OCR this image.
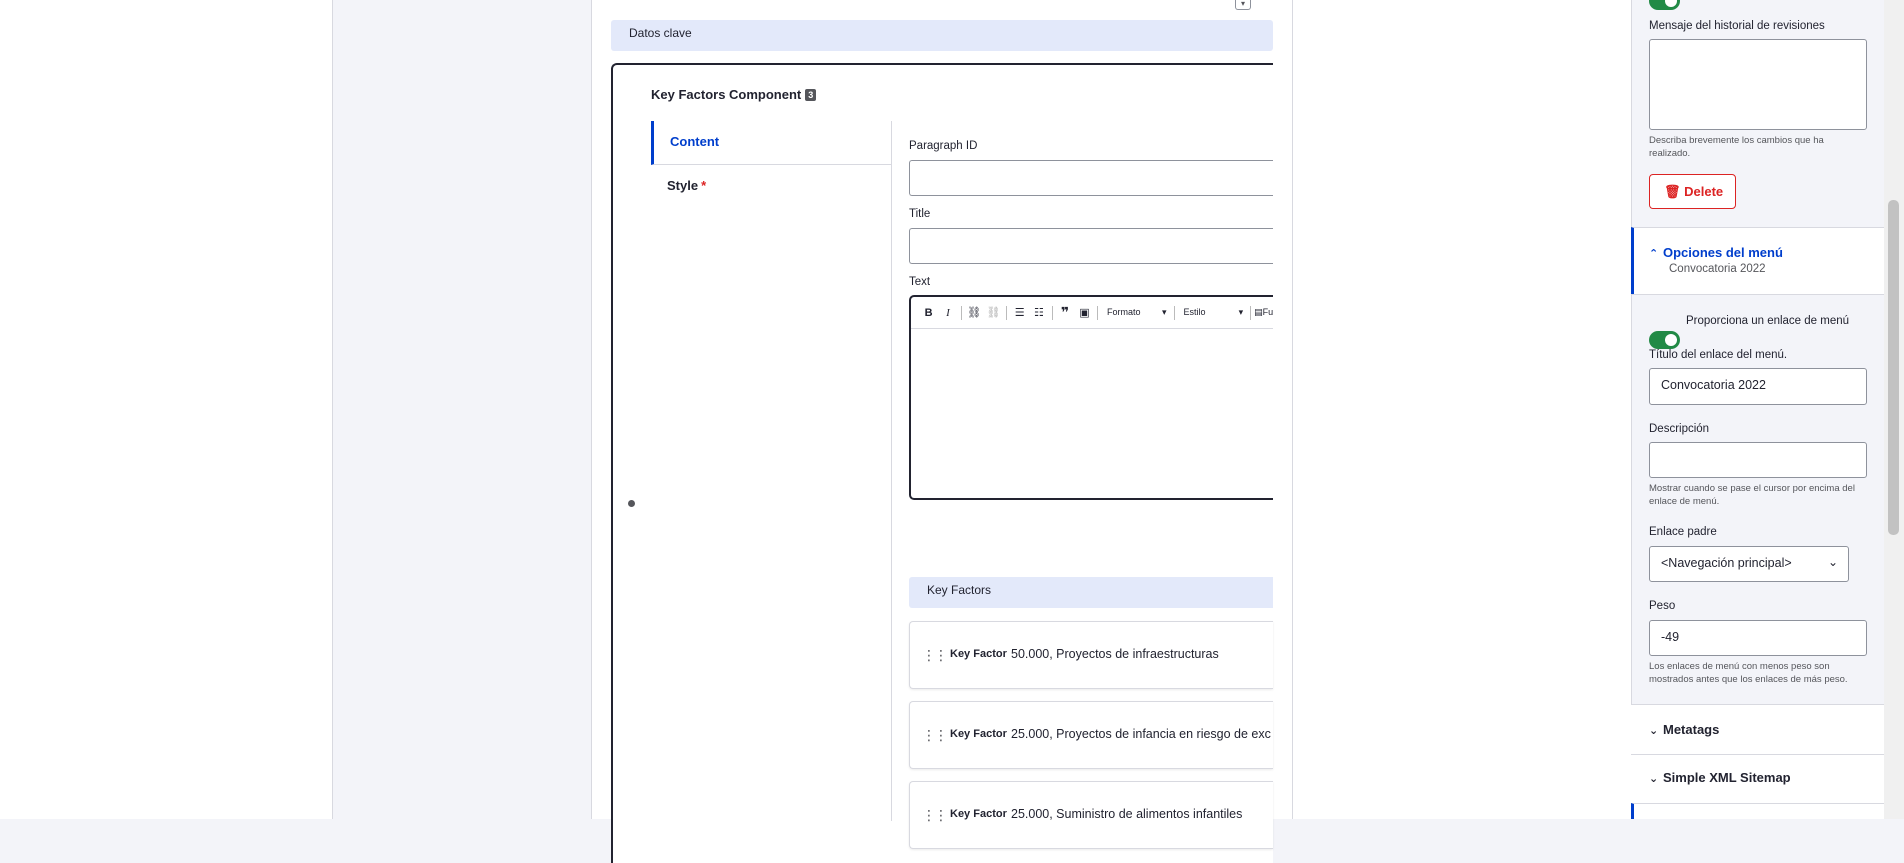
▾
Datos clave
Key Factors Component 3
Content
Style *
Paragraph ID
Title
Text
B	I	⛓ ⛓	☰ ☷	❞ ▣	Formato ▾	Estilo	▾	▤Fu
Key Factors
⋮⋮ Key Factor 50.000, Proyectos de infraestructuras
⋮⋮ Key Factor 25.000, Proyectos de infancia en riesgo de exc
⋮⋮ Key Factor 25.000, Suministro de alimentos infantiles
Mensaje del historial de revisiones
Describa brevemente los cambios que ha realizado.
🗑 Delete
⌃ Opciones del menú
Convocatoria 2022
Proporciona un enlace de menú
Título del enlace del menú.
Convocatoria 2022
Descripción
Mostrar cuando se pase el cursor por encima del enlace de menú.
Enlace padre
<Navegación principal>	⌄
Peso
-49
Los enlaces de menú con menos peso son mostrados antes que los enlaces de más peso.
⌄ Metatags
⌄ Simple XML Sitemap
